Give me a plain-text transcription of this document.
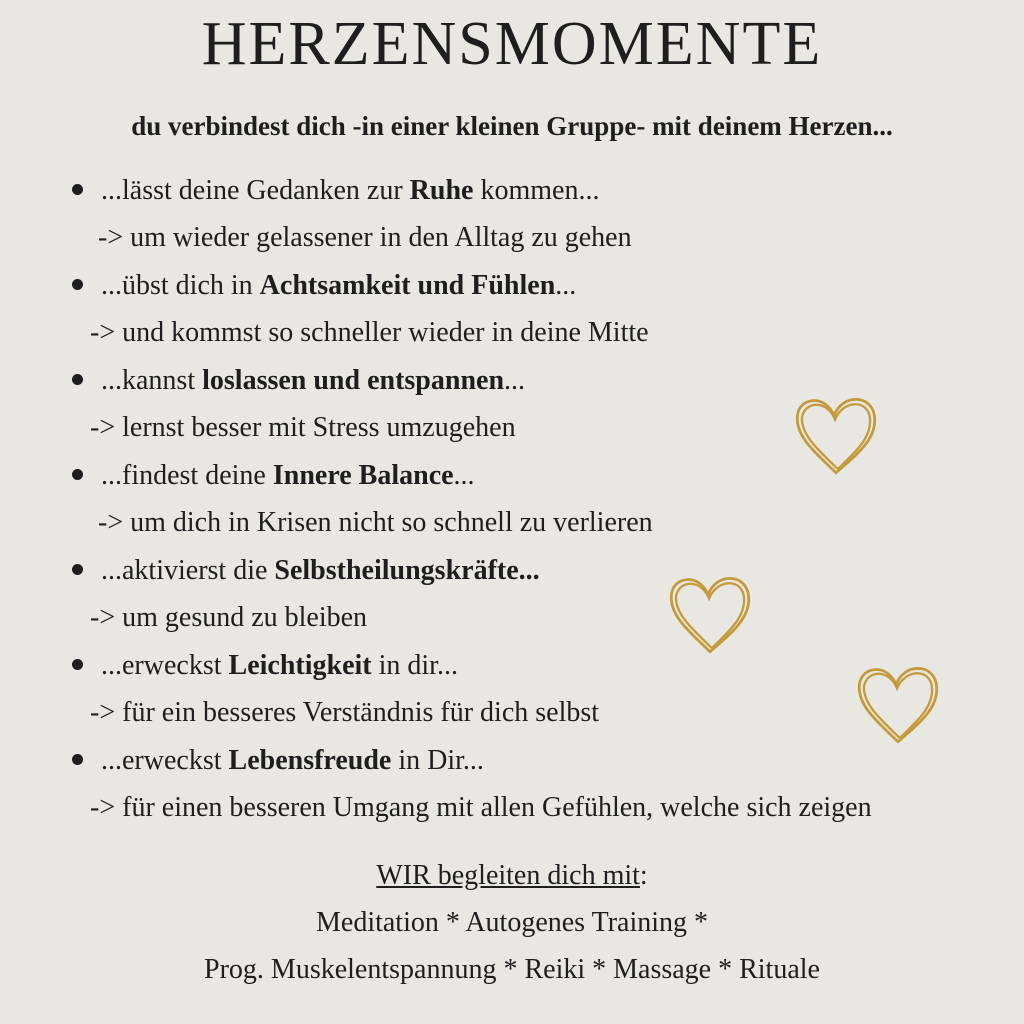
HERZENSMOMENTE

du verbindest dich -in einer kleinen Gruppe- mit deinem Herzen...

...lässt deine Gedanken zur Ruhe kommen...
-> um wieder gelassener in den Alltag zu gehen
...übst dich in Achtsamkeit und Fühlen...
-> und kommst so schneller wieder in deine Mitte
...kannst loslassen und entspannen...
-> lernst besser mit Stress umzugehen
...findest deine Innere Balance...
-> um dich in Krisen nicht so schnell zu verlieren
...aktivierst die Selbstheilungskräfte...
-> um gesund zu bleiben
...erweckst Leichtigkeit in dir...
-> für ein besseres Verständnis für dich selbst
...erweckst Lebensfreude in Dir...
-> für einen besseren Umgang mit allen Gefühlen, welche sich zeigen
WIR begleiten dich mit:
Meditation * Autogenes Training *
Prog. Muskelentspannung * Reiki * Massage * Rituale
